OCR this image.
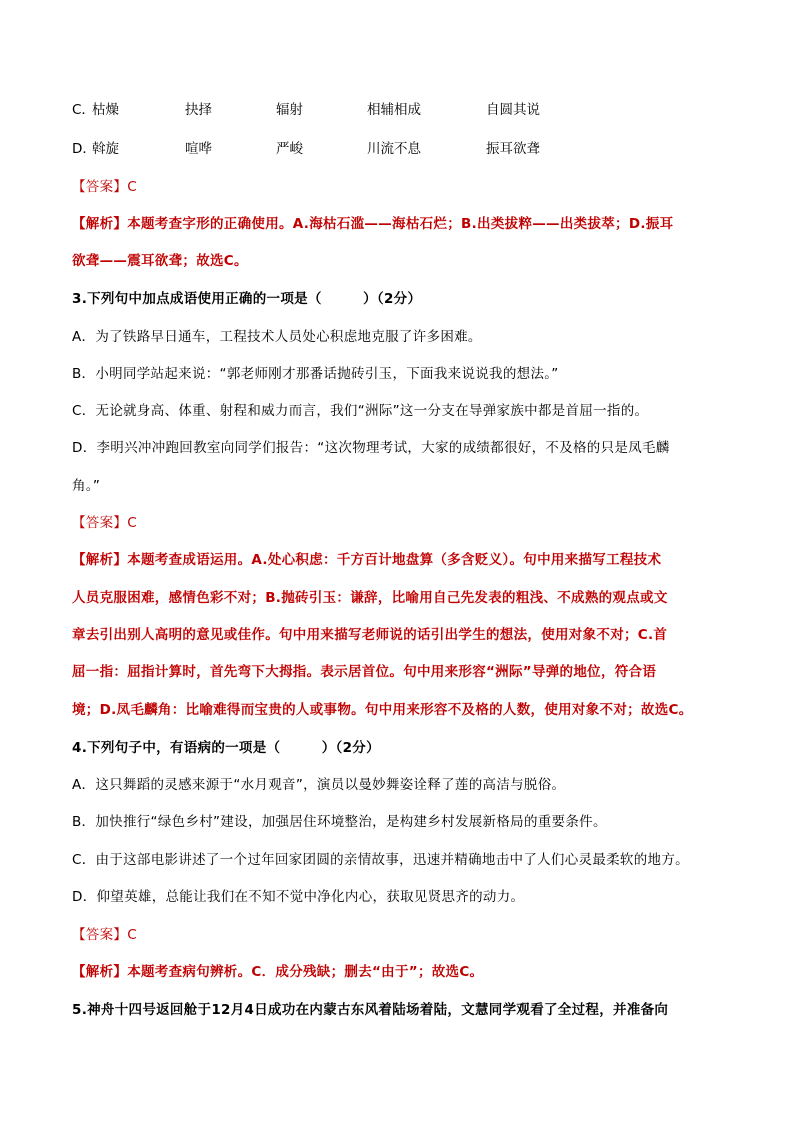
C．
枯燥	抉择	辐射	相辅相成	自圆其说
D．
斡旋	喧哗	严峻	川流不息	振耳欲聋
【答案】C
【解析】本题考查字形的正确使用。A.海枯石滥——海枯石烂；B.出类拔粹——出类拔萃；D.振耳
欲聋——震耳欲聋；故选C。
3.下列句中加点成语使用正确的一项是（　　　）（2分）
A．为了铁路早日通车，工程技术人员处心积虑地克服了许多困难。
B．小明同学站起来说：“郭老师刚才那番话抛砖引玉，下面我来说说我的想法。”
C．无论就身高、体重、射程和威力而言，我们“洲际”这一分支在导弹家族中都是首屈一指的。
D．李明兴冲冲跑回教室向同学们报告：“这次物理考试，大家的成绩都很好，不及格的只是凤毛麟
角。”
【答案】C
【解析】本题考查成语运用。A.处心积虑：千方百计地盘算（多含贬义）。句中用来描写工程技术
人员克服困难，感情色彩不对；B.抛砖引玉：谦辞，比喻用自己先发表的粗浅、不成熟的观点或文
章去引出别人高明的意见或佳作。句中用来描写老师说的话引出学生的想法，使用对象不对；C.首
屈一指：屈指计算时，首先弯下大拇指。表示居首位。句中用来形容“洲际”导弹的地位，符合语
境；D.凤毛麟角：比喻难得而宝贵的人或事物。句中用来形容不及格的人数，使用对象不对；故选C。
4.下列句子中，有语病的一项是（　　　）（2分）
A．这只舞蹈的灵感来源于“水月观音”，演员以曼妙舞姿诠释了莲的高洁与脱俗。
B．加快推行“绿色乡村”建设，加强居住环境整治，是构建乡村发展新格局的重要条件。
C．由于这部电影讲述了一个过年回家团圆的亲情故事，迅速并精确地击中了人们心灵最柔软的地方。
D．仰望英雄，总能让我们在不知不觉中净化内心，获取见贤思齐的动力。
【答案】C
【解析】本题考查病句辨析。C．成分残缺；删去“由于”；故选C。
5.神舟十四号返回舱于12月4日成功在内蒙古东风着陆场着陆，文慧同学观看了全过程，并准备向
